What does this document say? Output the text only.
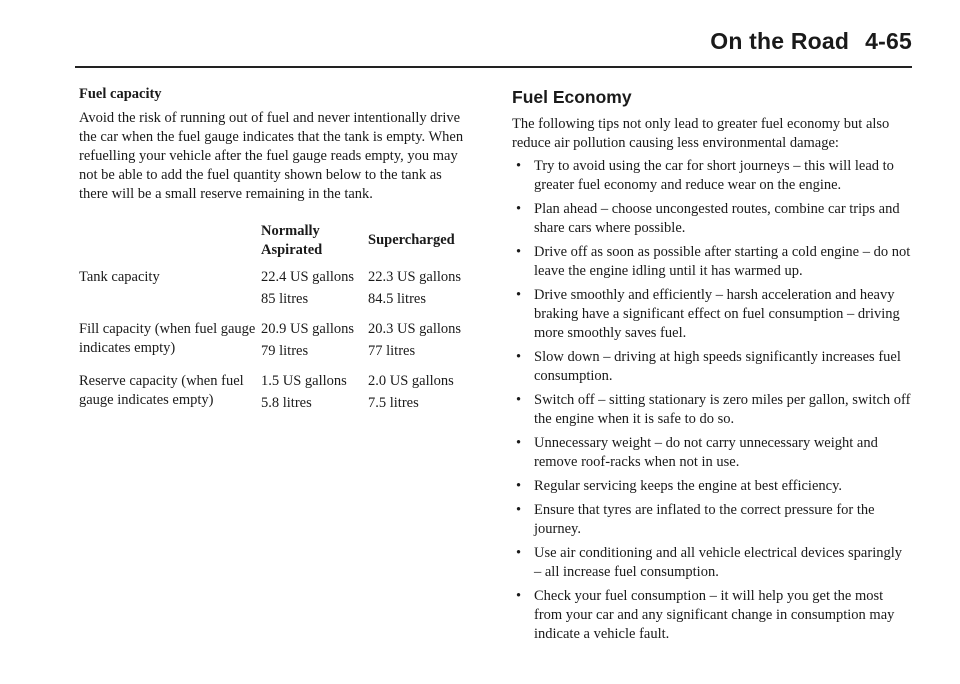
On the Road 4-65

Fuel capacity

Avoid the risk of running out of fuel and never intentionally drive the car when the fuel gauge indicates that the tank is empty. When refuelling your vehicle after the fuel gauge reads empty, you may not be able to add the fuel quantity shown below to the tank as there will be a small reserve remaining in the tank.

Normally Aspirated
Supercharged
Tank capacity	22.4 US gallons
85 litres
22.3 US gallons
84.5 litres
Fill capacity (when fuel gauge indicates empty)
20.9 US gallons
79 litres
20.3 US gallons
77 litres
Reserve capacity (when fuel gauge indicates empty)
1.5 US gallons
5.8 litres
2.0 US gallons
7.5 litres
Fuel Economy

The following tips not only lead to greater fuel economy but also reduce air pollution causing less environmental damage:

• Try to avoid using the car for short journeys – this will lead to greater fuel economy and reduce wear on the engine.
• Plan ahead – choose uncongested routes, combine car trips and share cars where possible.
• Drive off as soon as possible after starting a cold engine – do not leave the engine idling until it has warmed up.
• Drive smoothly and efficiently – harsh acceleration and heavy braking have a significant effect on fuel consumption – driving more smoothly saves fuel.
• Slow down – driving at high speeds significantly increases fuel consumption.
• Switch off – sitting stationary is zero miles per gallon, switch off the engine when it is safe to do so.
• Unnecessary weight – do not carry unnecessary weight and remove roof-racks when not in use.
• Regular servicing keeps the engine at best efficiency.
• Ensure that tyres are inflated to the correct pressure for the journey.
• Use air conditioning and all vehicle electrical devices sparingly – all increase fuel consumption.
• Check your fuel consumption – it will help you get the most from your car and any significant change in consumption may indicate a vehicle fault.
